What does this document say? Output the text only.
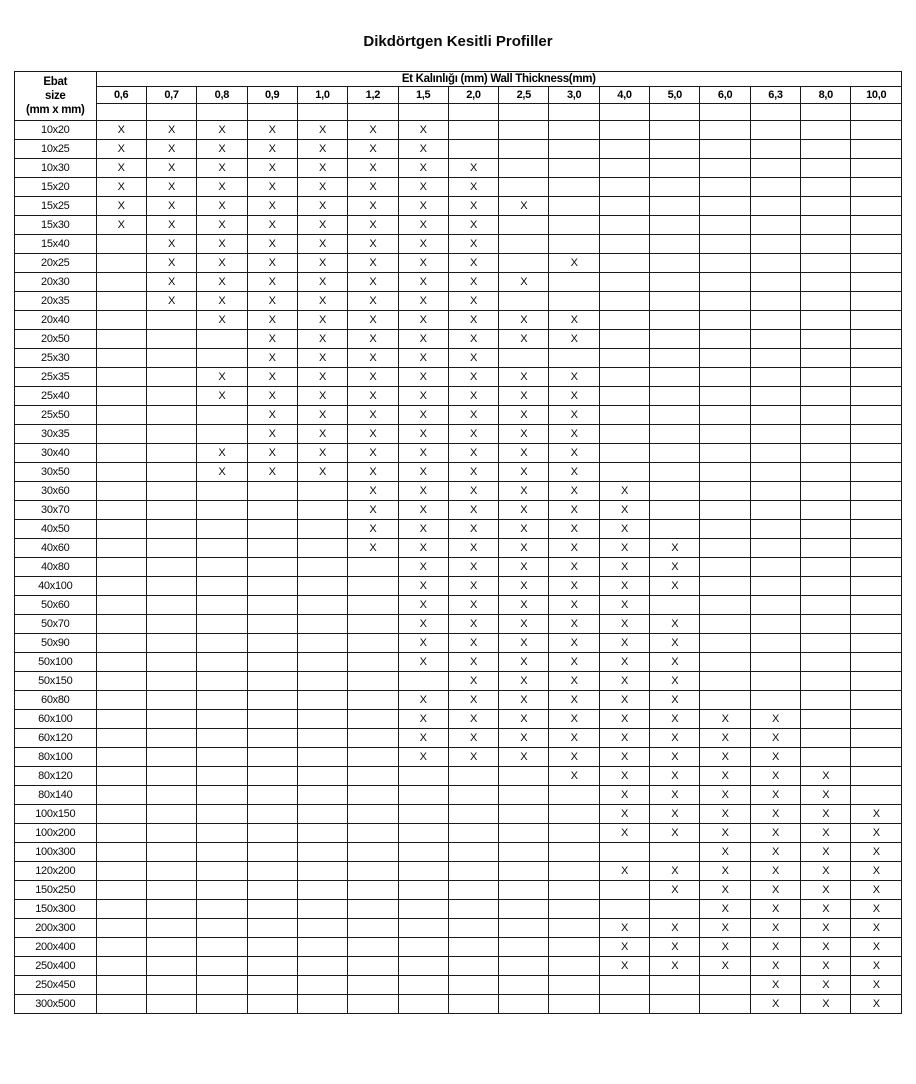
Dikdörtgen Kesitli Profiller
Ebat
size
(mm x mm)	Et Kalınlığı (mm) Wall Thickness(mm)															
	0,6	0,7	0,8	0,9	1,0	1,2	1,5	2,0	2,5	3,0	4,0	5,0	6,0	6,3	8,0	10,0

10x20	X	X	X	X	X	X	X									
10x25	X	X	X	X	X	X	X									
10x30	X	X	X	X	X	X	X	X								
15x20	X	X	X	X	X	X	X	X								
15x25	X	X	X	X	X	X	X	X	X							
15x30	X	X	X	X	X	X	X	X								
15x40		X	X	X	X	X	X	X								
20x25		X	X	X	X	X	X	X		X						
20x30		X	X	X	X	X	X	X	X							
20x35		X	X	X	X	X	X	X								
20x40			X	X	X	X	X	X	X	X						
20x50				X	X	X	X	X	X	X						
25x30				X	X	X	X	X								
25x35			X	X	X	X	X	X	X	X						
25x40			X	X	X	X	X	X	X	X						
25x50				X	X	X	X	X	X	X						
30x35				X	X	X	X	X	X	X						
30x40			X	X	X	X	X	X	X	X						
30x50			X	X	X	X	X	X	X	X						
30x60						X	X	X	X	X	X					
30x70						X	X	X	X	X	X					
40x50						X	X	X	X	X	X					
40x60						X	X	X	X	X	X	X				
40x80							X	X	X	X	X	X				
40x100							X	X	X	X	X	X				
50x60							X	X	X	X	X					
50x70							X	X	X	X	X	X				
50x90							X	X	X	X	X	X				
50x100							X	X	X	X	X	X				
50x150								X	X	X	X	X				
60x80							X	X	X	X	X	X				
60x100							X	X	X	X	X	X	X	X		
60x120							X	X	X	X	X	X	X	X		
80x100							X	X	X	X	X	X	X	X		
80x120										X	X	X	X	X	X	
80x140											X	X	X	X	X	
100x150											X	X	X	X	X	X
100x200											X	X	X	X	X	X
100x300													X	X	X	X
120x200											X	X	X	X	X	X
150x250												X	X	X	X	X
150x300													X	X	X	X
200x300											X	X	X	X	X	X
200x400											X	X	X	X	X	X
250x400											X	X	X	X	X	X
250x450														X	X	X
300x500														X	X	X
